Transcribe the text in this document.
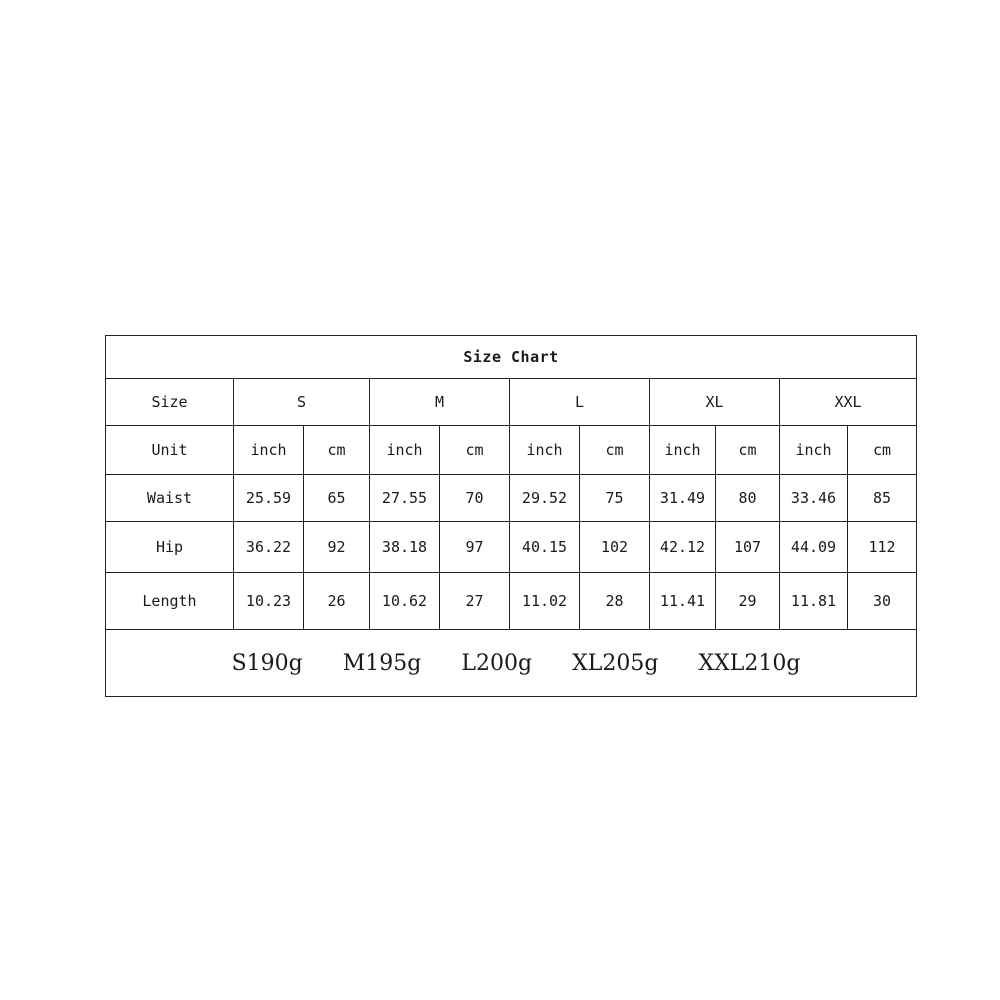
Size Chart										
Size	S		M		L		XL		XXL	
Unit	inch	cm	inch	cm	inch	cm	inch	cm	inch	cm
Waist	25.59	65	27.55	70	29.52	75	31.49	80	33.46	85
Hip	36.22	92	38.18	97	40.15	102	42.12	107	44.09	112
Length	10.23	26	10.62	27	11.02	28	11.41	29	11.81	30

S190g M195g L200g XL205g XXL210g										
